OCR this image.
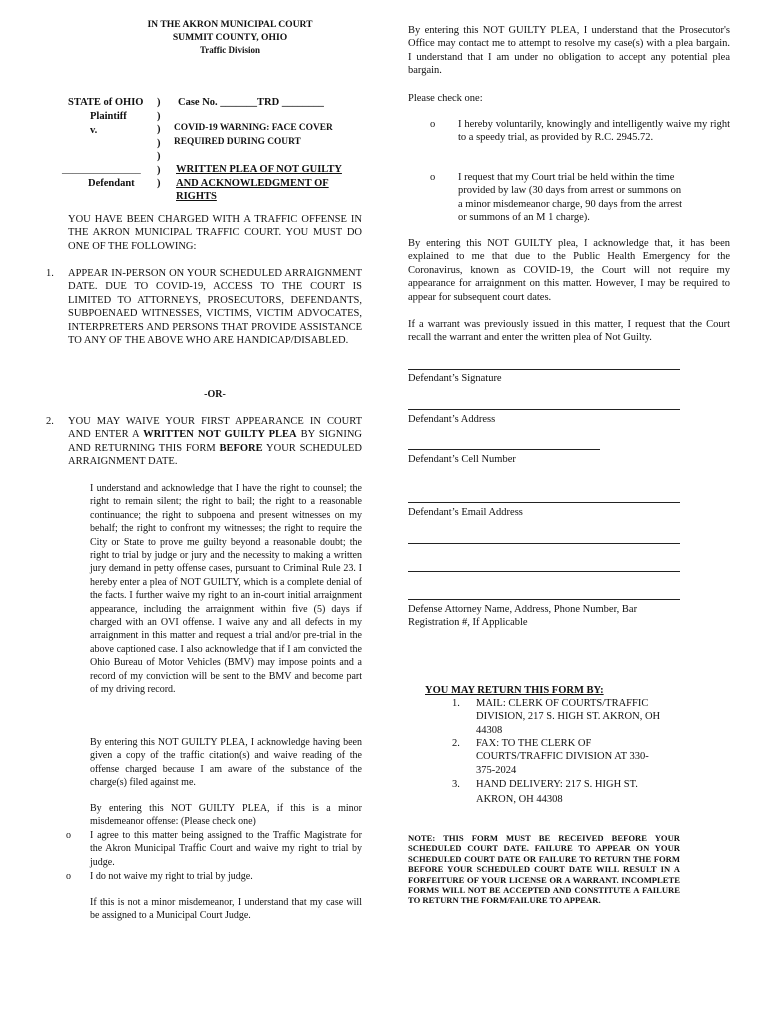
IN THE AKRON MUNICIPAL COURT
SUMMIT COUNTY, OHIO
Traffic Division
STATE of OHIO
Plaintiff
v.
_______________
Defendant
)
)
)
)
)
)
)
Case No. _______TRD ________
COVID-19 WARNING: FACE COVER
REQUIRED DURING COURT
WRITTEN PLEA OF NOT GUILTY
AND ACKNOWLEDGMENT OF
RIGHTS
YOU HAVE BEEN CHARGED WITH A TRAFFIC OFFENSE IN THE AKRON MUNICIPAL TRAFFIC COURT. YOU MUST DO ONE OF THE FOLLOWING:
1. APPEAR IN-PERSON ON YOUR SCHEDULED ARRAIGNMENT DATE. DUE TO COVID-19, ACCESS TO THE COURT IS LIMITED TO ATTORNEYS, PROSECUTORS, DEFENDANTS, SUBPOENAED WITNESSES, VICTIMS, VICTIM ADVOCATES, INTERPRETERS AND PERSONS THAT PROVIDE ASSISTANCE TO ANY OF THE ABOVE WHO ARE HANDICAP/DISABLED.
-OR-
2. YOU MAY WAIVE YOUR FIRST APPEARANCE IN COURT AND ENTER A WRITTEN NOT GUILTY PLEA BY SIGNING AND RETURNING THIS FORM BEFORE YOUR SCHEDULED ARRAIGNMENT DATE.
I understand and acknowledge that I have the right to counsel; the right to remain silent; the right to bail; the right to a reasonable continuance; the right to subpoena and present witnesses on my behalf; the right to confront my witnesses; the right to require the City or State to prove me guilty beyond a reasonable doubt; the right to trial by judge or jury and the necessity to making a written jury demand in petty offense cases, pursuant to Criminal Rule 23. I hereby enter a plea of NOT GUILTY, which is a complete denial of the facts. I further waive my right to an in-court initial arraignment appearance, including the arraignment within five (5) days if charged with an OVI offense. I waive any and all defects in my arraignment in this matter and request a trial and/or pre-trial in the above captioned case. I also acknowledge that if I am convicted the Ohio Bureau of Motor Vehicles (BMV) may impose points and a record of my conviction will be sent to the BMV and become part of my driving record.
By entering this NOT GUILTY PLEA, I acknowledge having been given a copy of the traffic citation(s) and waive reading of the offense charged because I am aware of the substance of the charge(s) filed against me.
By entering this NOT GUILTY PLEA, if this is a minor misdemeanor offense: (Please check one)
o I agree to this matter being assigned to the Traffic Magistrate for the Akron Municipal Traffic Court and waive my right to trial by judge.
o I do not waive my right to trial by judge.
If this is not a minor misdemeanor, I understand that my case will be assigned to a Municipal Court Judge.
By entering this NOT GUILTY PLEA, I understand that the Prosecutor's Office may contact me to attempt to resolve my case(s) with a plea bargain. I understand that I am under no obligation to accept any potential plea bargain.
Please check one:
o I hereby voluntarily, knowingly and intelligently waive my right to a speedy trial, as provided by R.C. 2945.72.
o I request that my Court trial be held within the time
provided by law (30 days from arrest or summons on
a minor misdemeanor charge, 90 days from the arrest
or summons of an M 1 charge).
By entering this NOT GUILTY plea, I acknowledge that, it has been explained to me that due to the Public Health Emergency for the Coronavirus, known as COVID-19, the Court will not require my appearance for arraignment on this matter. However, I may be required to appear for subsequent court dates.
If a warrant was previously issued in this matter, I request that the Court recall the warrant and enter the written plea of Not Guilty.
Defendant’s Signature
Defendant’s Address
Defendant’s Cell Number
Defendant’s Email Address
Defense Attorney Name, Address, Phone Number, Bar Registration #, If Applicable
YOU MAY RETURN THIS FORM BY:
1. MAIL: CLERK OF COURTS/TRAFFIC
DIVISION, 217 S. HIGH ST. AKRON, OH
44308
2. FAX: TO THE CLERK OF
COURTS/TRAFFIC DIVISION AT 330-
375-2024
3. HAND DELIVERY: 217 S. HIGH ST.
AKRON, OH 44308
NOTE: THIS FORM MUST BE RECEIVED BEFORE YOUR SCHEDULED COURT DATE. FAILURE TO APPEAR ON YOUR SCHEDULED COURT DATE OR FAILURE TO RETURN THE FORM BEFORE YOUR SCHEDULED COURT DATE WILL RESULT IN A FORFEITURE OF YOUR LICENSE OR A WARRANT. INCOMPLETE FORMS WILL NOT BE ACCEPTED AND CONSTITUTE A FAILURE TO RETURN THE FORM/FAILURE TO APPEAR.
